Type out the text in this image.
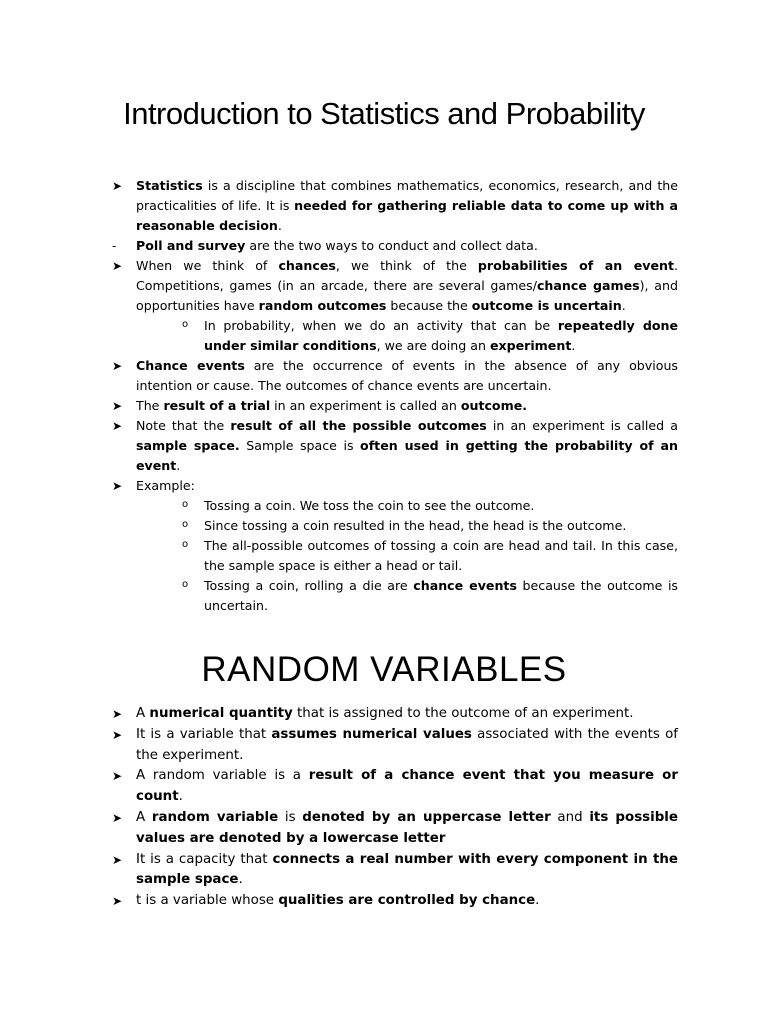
Introduction to Statistics and Probability
➤	Statistics is a discipline that combines mathematics, economics, research, and the practicalities of life. It is needed for gathering reliable data to come up with a reasonable decision.
-	Poll and survey are the two ways to conduct and collect data.
➤	When we think of chances, we think of the probabilities of an event. Competitions, games (in an arcade, there are several games/chance games), and opportunities have random outcomes because the outcome is uncertain.
o In probability, when we do an activity that can be repeatedly done under similar conditions, we are doing an experiment.
➤	Chance events are the occurrence of events in the absence of any obvious intention or cause. The outcomes of chance events are uncertain.
➤	The result of a trial in an experiment is called an outcome.
➤	Note that the result of all the possible outcomes in an experiment is called a sample space. Sample space is often used in getting the probability of an event.
➤	Example:
o Tossing a coin. We toss the coin to see the outcome.
o Since tossing a coin resulted in the head, the head is the outcome.
o The all-possible outcomes of tossing a coin are head and tail. In this case, the sample space is either a head or tail.
o Tossing a coin, rolling a die are chance events because the outcome is uncertain.
RANDOM VARIABLES
➤	A numerical quantity that is assigned to the outcome of an experiment.
➤	It is a variable that assumes numerical values associated with the events of the experiment.
➤	A random variable is a result of a chance event that you measure or count.
➤	A random variable is denoted by an uppercase letter and its possible values are denoted by a lowercase letter
➤	It is a capacity that connects a real number with every component in the sample space.
➤	t is a variable whose qualities are controlled by chance.
